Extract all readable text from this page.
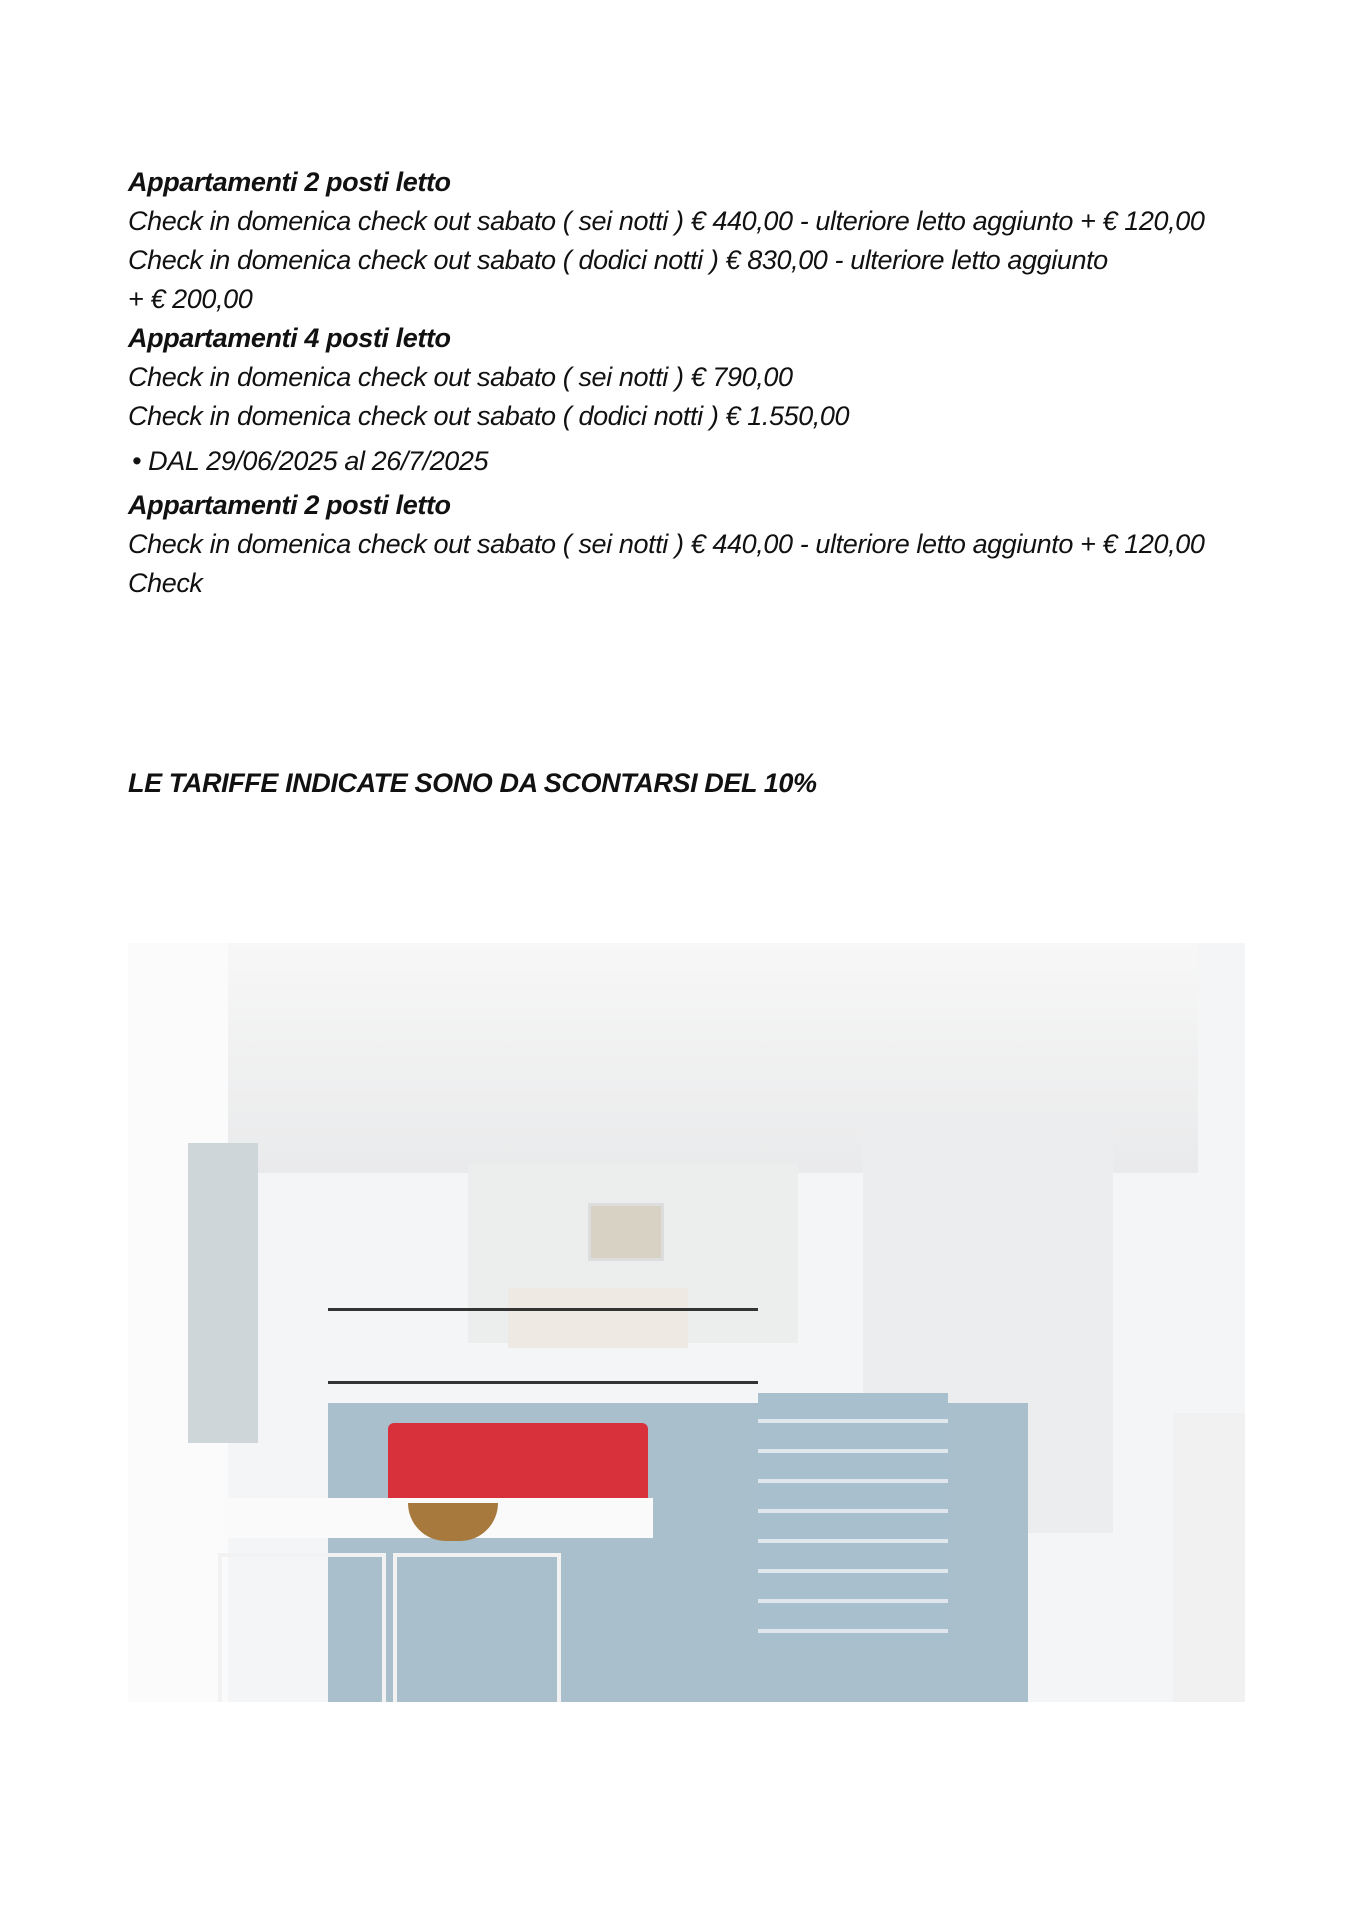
Appartamenti 2 posti letto

Check in domenica check out sabato ( sei notti ) € 440,00 - ulteriore letto aggiunto + € 120,00

Check in domenica check out sabato ( dodici notti ) € 830,00 - ulteriore letto aggiunto + € 200,00

Appartamenti 4 posti letto

Check in domenica check out sabato ( sei notti ) € 790,00

Check in domenica check out sabato ( dodici notti ) € 1.550,00

• DAL 29/06/2025 al 26/7/2025

Appartamenti 2 posti letto

Check in domenica check out sabato ( sei notti ) € 440,00 - ulteriore letto aggiunto + € 120,00

Check

LE TARIFFE INDICATE SONO DA SCONTARSI DEL 10%
